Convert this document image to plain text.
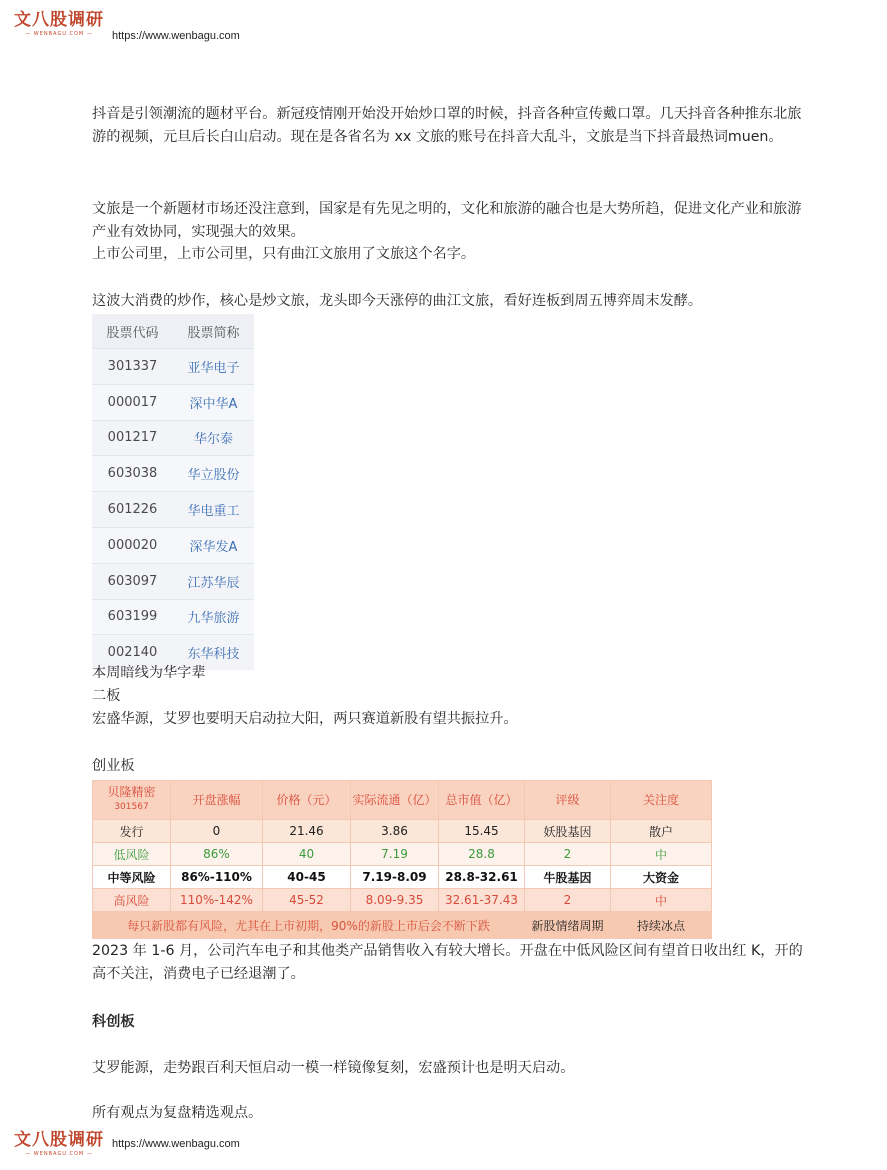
文八股调研
— WENBAGU.COM —	https://www.wenbagu.com
抖音是引领潮流的题材平台。新冠疫情刚开始没开始炒口罩的时候，抖音各种宣传戴口罩。几天抖音各种推东北旅游的视频，元旦后长白山启动。现在是各省名为 xx 文旅的账号在抖音大乱斗，文旅是当下抖音最热词muen。
文旅是一个新题材市场还没注意到，国家是有先见之明的，文化和旅游的融合也是大势所趋，促进文化产业和旅游产业有效协同，实现强大的效果。
上市公司里，上市公司里，只有曲江文旅用了文旅这个名字。
这波大消费的炒作，核心是炒文旅，龙头即今天涨停的曲江文旅，看好连板到周五博弈周末发酵。
股票代码	股票简称
301337	亚华电子
000017	深中华A
001217	华尔泰
603038	华立股份
601226	华电重工
000020	深华发A
603097	江苏华辰
603199	九华旅游
002140	东华科技
本周暗线为华字辈
二板
宏盛华源，艾罗也要明天启动拉大阳，两只赛道新股有望共振拉升。
创业板
贝隆精密
301567	开盘涨幅	价格（元）	实际流通（亿）	总市值（亿）	评级	关注度
发行	0	21.46	3.86	15.45	妖股基因	散户
低风险	86%	40	7.19	28.8	2	中
中等风险	86%-110%	40-45	7.19-8.09	28.8-32.61	牛股基因	大资金
高风险	110%-142%	45-52	8.09-9.35	32.61-37.43	2	中
每只新股都有风险，尤其在上市初期，90%的新股上市后会不断下跌					新股情绪周期	持续冰点
2023 年 1-6 月，公司汽车电子和其他类产品销售收入有较大增长。开盘在中低风险区间有望首日收出红 K，开的高不关注，消费电子已经退潮了。
科创板
艾罗能源，走势跟百利天恒启动一模一样镜像复刻，宏盛预计也是明天启动。
所有观点为复盘精选观点。
文八股调研
— WENBAGU.COM —
https://www.wenbagu.com
